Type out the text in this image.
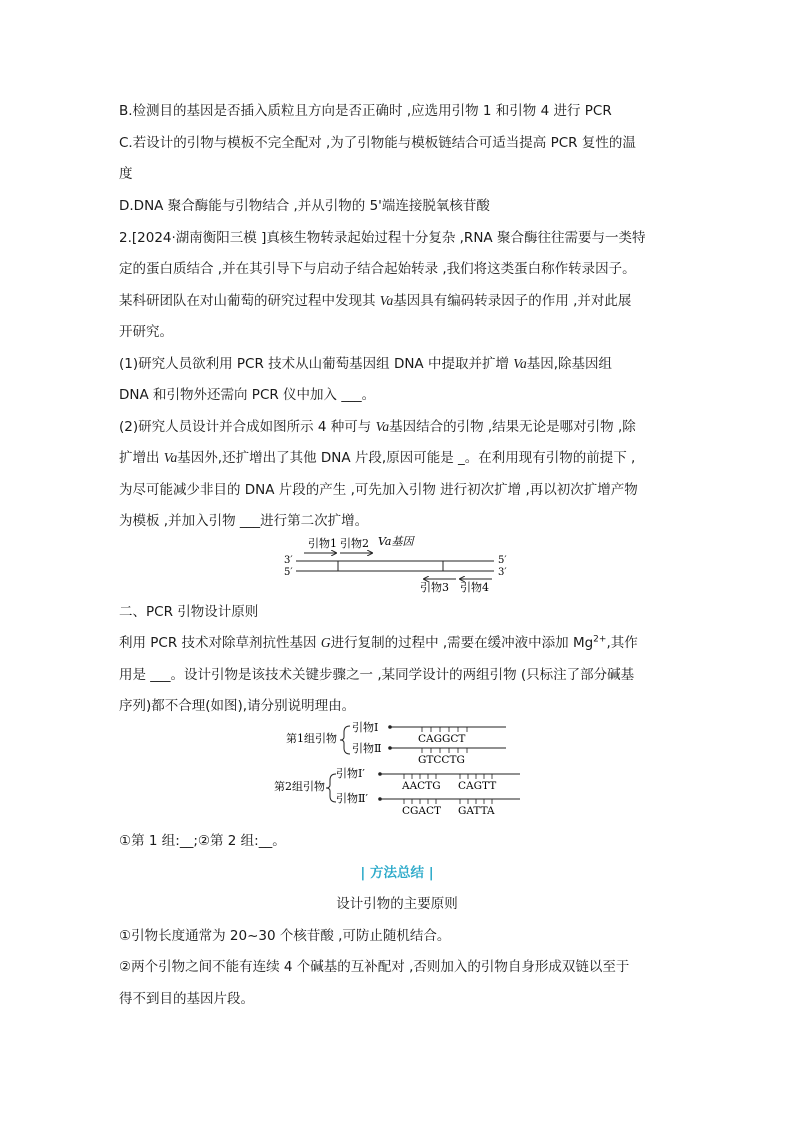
B.检测目的基因是否插入质粒且方向是否正确时 ,应选用引物 1 和引物 4 进行 PCR
C.若设计的引物与模板不完全配对 ,为了引物能与模板链结合可适当提高 PCR 复性的温
度
D.DNA 聚合酶能与引物结合 ,并从引物的 5'端连接脱氧核苷酸
2.[2024·湖南衡阳三模 ]真核生物转录起始过程十分复杂 ,RNA 聚合酶往往需要与一类特
定的蛋白质结合 ,并在其引导下与启动子结合起始转录 ,我们将这类蛋白称作转录因子。
某科研团队在对山葡萄的研究过程中发现其 Va基因具有编码转录因子的作用 ,并对此展
开研究。
(1)研究人员欲利用 PCR 技术从山葡萄基因组 DNA 中提取并扩增 Va基因,除基因组
DNA 和引物外还需向 PCR 仪中加入 ___。
(2)研究人员设计并合成如图所示 4 种可与 Va基因结合的引物 ,结果无论是哪对引物 ,除
扩增出 Va基因外,还扩增出了其他 DNA 片段,原因可能是 _。在利用现有引物的前提下 ,
为尽可能减少非目的 DNA 片段的产生 ,可先加入引物 进行初次扩增 ,再以初次扩增产物
为模板 ,并加入引物 ___进行第二次扩增。
引物1 引物2 Va基因
3′
5′
5′
3′
引物3 引物4
二、PCR 引物设计原则
利用 PCR 技术对除草剂抗性基因 G进行复制的过程中 ,需要在缓冲液中添加 $Mg^{2+}$,其作
用是 ___。设计引物是该技术关键步骤之一 ,某同学设计的两组引物 (只标注了部分碱基
序列)都不合理(如图),请分别说明理由。
第1组引物
引物Ⅰ
CAGGCT
引物Ⅱ
GTCCTG
第2组引物
引物Ⅰ′
AACTG CAGTT
引物Ⅱ′
CGACT GATTA
①第 1 组:__;②第 2 组:__。
| 方法总结 |
设计引物的主要原则
①引物长度通常为 20~30 个核苷酸 ,可防止随机结合。
②两个引物之间不能有连续 4 个碱基的互补配对 ,否则加入的引物自身形成双链以至于
得不到目的基因片段。
